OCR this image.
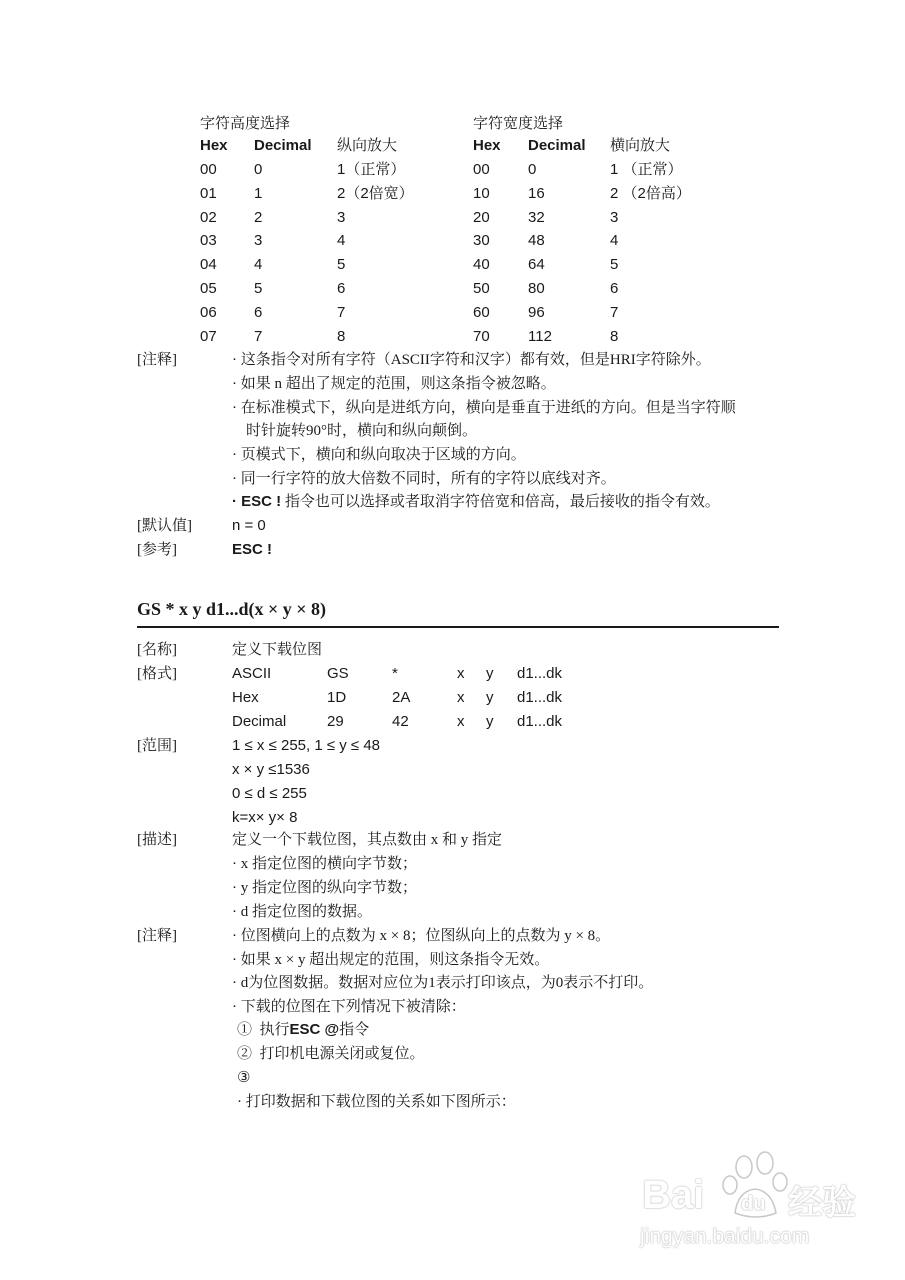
字符高度选择
Hex Decimal 纵向放大
00 0	1（正常）
01 1	2（2倍宽）
02 2	3
03 3	4
04 4	5
05 5	6
06 6	7
07 7	8
字符宽度选择
Hex Decimal 横向放大
00	0	1 （正常）
10	16	2 （2倍高）
20	32	3
30	48	4
40	64	5
50	80	6
60	96	7
70	112	8
[注释]	· 这条指令对所有字符（ASCII字符和汉字）都有效，但是HRI字符除外。
· 如果 n 超出了规定的范围，则这条指令被忽略。
· 在标准模式下，纵向是进纸方向，横向是垂直于进纸的方向。但是当字符顺
时针旋转90°时，横向和纵向颠倒。
· 页模式下，横向和纵向取决于区域的方向。
· 同一行字符的放大倍数不同时，所有的字符以底线对齐。
· ESC ! 指令也可以选择或者取消字符倍宽和倍高，最后接收的指令有效。
[默认值]	n = 0
[参考]	ESC !
GS * x y d1...d(x × y × 8)
[名称]	定义下载位图
[格式]	ASCII	GS	*	x y d1...dk
Hex	1D	2A	x y d1...dk
Decimal	29	42	x y d1...dk
[范围]	1 ≤ x ≤ 255, 1 ≤ y ≤ 48
x × y ≤1536
0 ≤ d ≤ 255
k=x× y× 8
[描述]	定义一个下载位图，其点数由 x 和 y 指定
· x 指定位图的横向字节数；
· y 指定位图的纵向字节数；
· d 指定位图的数据。
[注释]	· 位图横向上的点数为 x × 8；位图纵向上的点数为 y × 8。
· 如果 x × y 超出规定的范围，则这条指令无效。
· d为位图数据。数据对应位为1表示打印该点，为0表示不打印。
· 下载的位图在下列情况下被清除：
① 执行ESC @指令
② 打印机电源关闭或复位。
③
· 打印数据和下载位图的关系如下图所示：
Bai du 经验
jingyan.baidu.com
